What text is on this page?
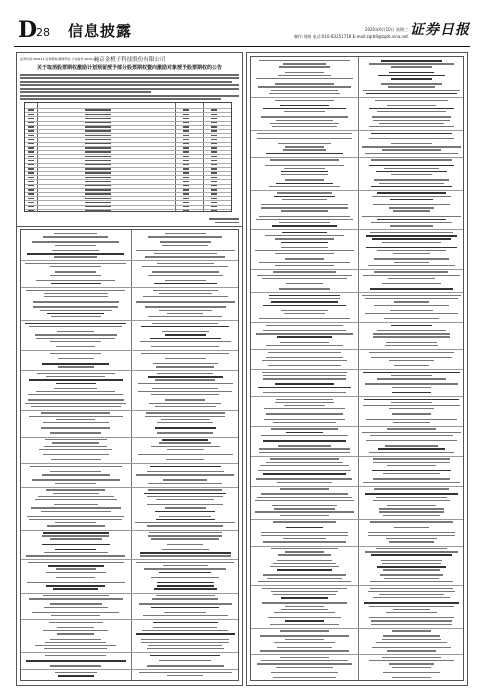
D
28 信息披露	2020年6月10日 星期三
制作:刘晓 电话:010-83251716 E-mail:zqrb9@zqrb.sina.net 证券日报
证券代码:300113 证券简称:顺网科技 公告编号:2020-064
北京金橙子科技股份有限公司
关于取消股票期权激励计划预留授予部分股票期权暨向激励对象授予股票期权的公告
